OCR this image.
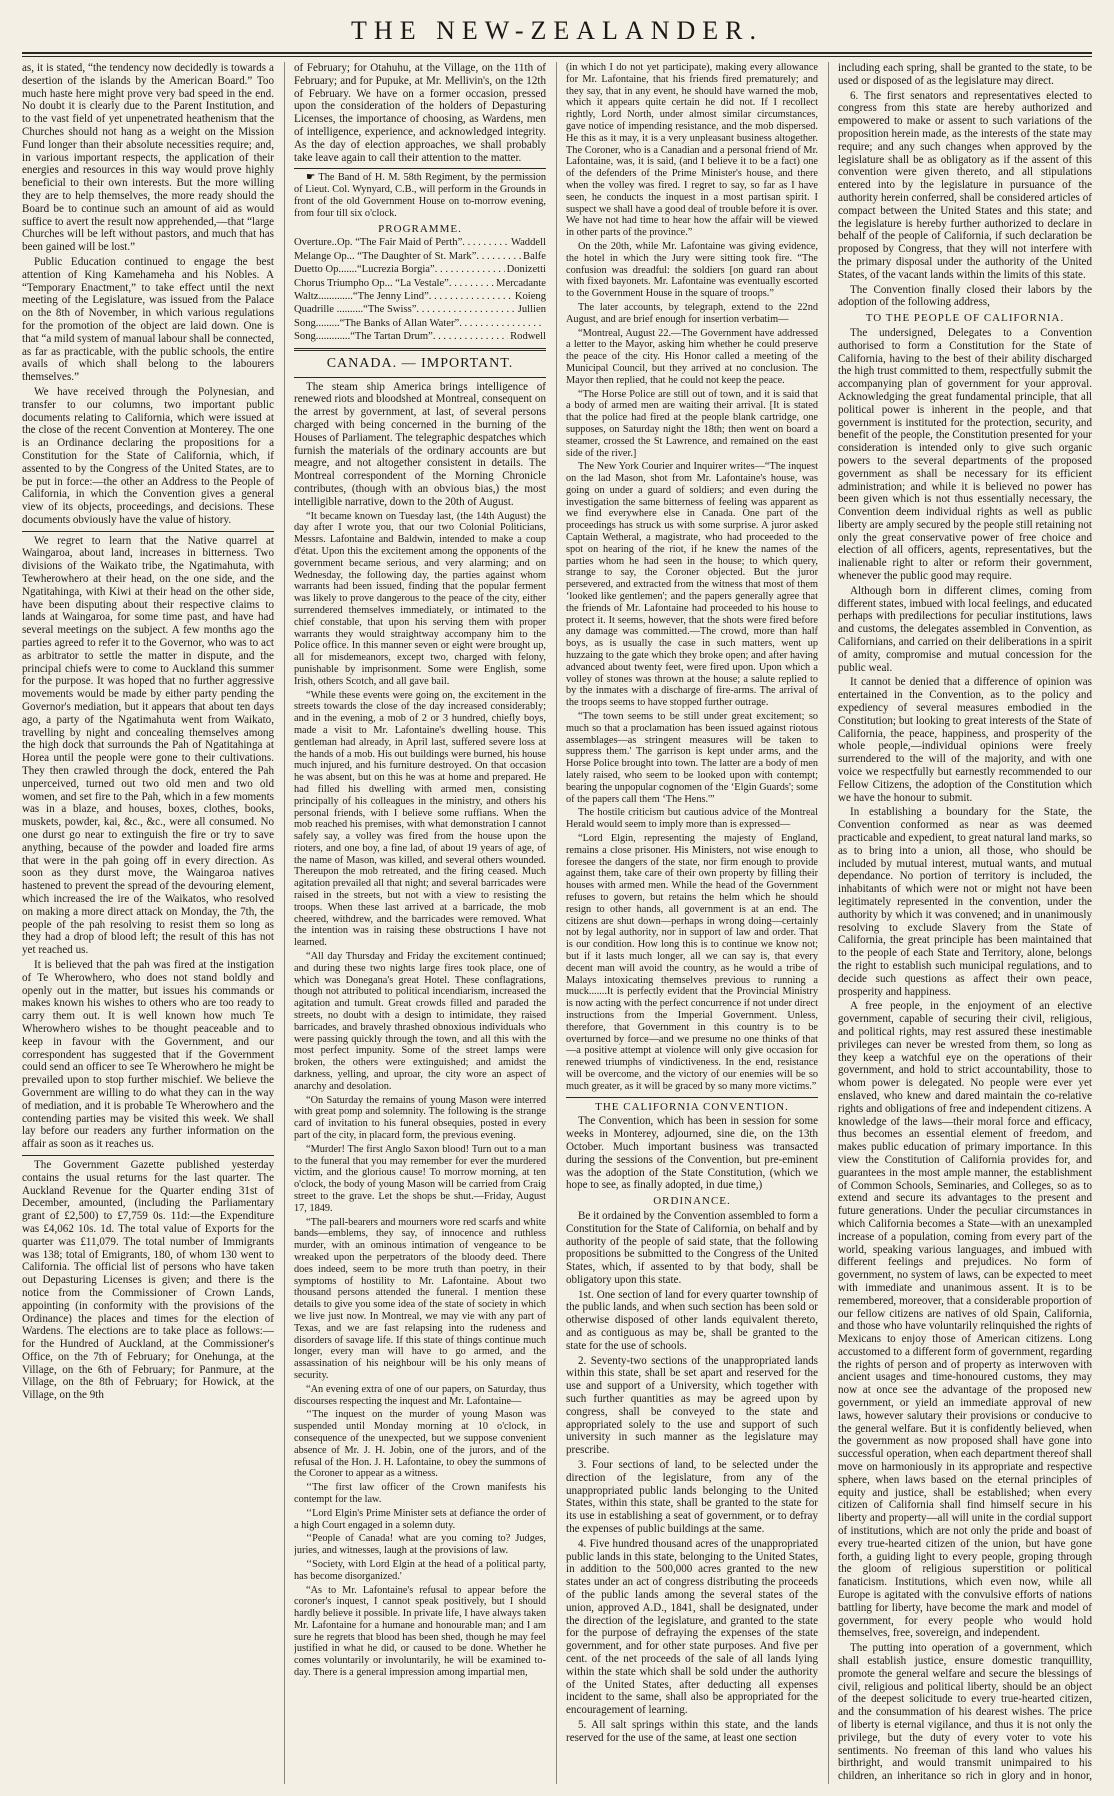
THE NEW-ZEALANDER.

as, it is stated, “the tendency now decidedly is towards a desertion of the islands by the American Board.” Too much haste here might prove very bad speed in the end. No doubt it is clearly due to the Parent Institution, and to the vast field of yet unpenetrated heathenism that the Churches should not hang as a weight on the Mission Fund longer than their absolute necessities require; and, in various important respects, the application of their energies and resources in this way would prove highly beneficial to their own interests. But the more willing they are to help themselves, the more ready should the Board be to continue such an amount of aid as would suffice to avert the result now apprehended,—that “large Churches will be left without pastors, and much that has been gained will be lost.”

Public Education continued to engage the best attention of King Kamehameha and his Nobles. A “Temporary Enactment,” to take effect until the next meeting of the Legislature, was issued from the Palace on the 8th of November, in which various regulations for the promotion of the object are laid down. One is that “a mild system of manual labour shall be connected, as far as practicable, with the public schools, the entire avails of which shall belong to the labourers themselves.”

We have received through the Polynesian, and transfer to our columns, two important public documents relating to California, which were issued at the close of the recent Convention at Monterey. The one is an Ordinance declaring the propositions for a Constitution for the State of California, which, if assented to by the Congress of the United States, are to be put in force:—the other an Address to the People of California, in which the Convention gives a general view of its objects, proceedings, and decisions. These documents obviously have the value of history.

We regret to learn that the Native quarrel at Waingaroa, about land, increases in bitterness. Two divisions of the Waikato tribe, the Ngatimahuta, with Tewherowhero at their head, on the one side, and the Ngatitahinga, with Kiwi at their head on the other side, have been disputing about their respective claims to lands at Waingaroa, for some time past, and have had several meetings on the subject. A few months ago the parties agreed to refer it to the Governor, who was to act as arbitrator to settle the matter in dispute, and the principal chiefs were to come to Auckland this summer for the purpose. It was hoped that no further aggressive movements would be made by either party pending the Governor's mediation, but it appears that about ten days ago, a party of the Ngatimahuta went from Waikato, travelling by night and concealing themselves among the high dock that surrounds the Pah of Ngatitahinga at Horea until the people were gone to their cultivations. They then crawled through the dock, entered the Pah unperceived, turned out two old men and two old women, and set fire to the Pah, which in a few moments was in a blaze, and houses, boxes, clothes, books, muskets, powder, kai, &c., &c., were all consumed. No one durst go near to extinguish the fire or try to save anything, because of the powder and loaded fire arms that were in the pah going off in every direction. As soon as they durst move, the Waingaroa natives hastened to prevent the spread of the devouring element, which increased the ire of the Waikatos, who resolved on making a more direct attack on Monday, the 7th, the people of the pah resolving to resist them so long as they had a drop of blood left; the result of this has not yet reached us.

It is believed that the pah was fired at the instigation of Te Wherowhero, who does not stand boldly and openly out in the matter, but issues his commands or makes known his wishes to others who are too ready to carry them out. It is well known how much Te Wherowhero wishes to be thought peaceable and to keep in favour with the Government, and our correspondent has suggested that if the Government could send an officer to see Te Wherowhero he might be prevailed upon to stop further mischief. We believe the Government are willing to do what they can in the way of mediation, and it is probable Te Wherowhero and the contending parties may be visited this week. We shall lay before our readers any further information on the affair as soon as it reaches us.

The Government Gazette published yesterday contains the usual returns for the last quarter. The Auckland Revenue for the Quarter ending 31st of December, amounted, (including the Parliamentary grant of £2,500) to £7,759 0s. 11d:—the Expenditure was £4,062 10s. 1d. The total value of Exports for the quarter was £11,079. The total number of Immigrants was 138; total of Emigrants, 180, of whom 130 went to California. The official list of persons who have taken out Depasturing Licenses is given; and there is the notice from the Commissioner of Crown Lands, appointing (in conformity with the provisions of the Ordinance) the places and times for the election of Wardens. The elections are to take place as follows:—for the Hundred of Auckland, at the Commissioner's Office, on the 7th of February; for Onehunga, at the Village, on the 6th of February; for Panmure, at the Village, on the 8th of February; for Howick, at the Village, on the 9th

of February; for Otahuhu, at the Village, on the 11th of February; and for Pupuke, at Mr. Mellivin's, on the 12th of February. We have on a former occasion, pressed upon the consideration of the holders of Depasturing Licenses, the importance of choosing, as Wardens, men of intelligence, experience, and acknowledged integrity. As the day of election approaches, we shall probably take leave again to call their attention to the matter.

☛ The Band of H. M. 58th Regiment, by the permission of Lieut. Col. Wynyard, C.B., will perform in the Grounds in front of the old Government House on to-morrow evening, from four till six o'clock.

PROGRAMME.
Overture..Op. “The Fair Maid of Perth” . . .	Waddell
Melange Op... “The Daughter of St. Mark” . . .	Balfe
Duetto Op.......“Lucrezia Borgia” . . .	Donizetti
Chorus Triumpho Op... “La Vestale” . . .	Mercadante
Waltz.............“The Jenny Lind” . . .	Koieng
Quadrille ..........“The Swiss” . . .	Jullien
Song.........“The Banks of Allan Water”
. . .
Song.............“The Tartan Drum” . . .	Rodwell
CANADA. — IMPORTANT.

The steam ship America brings intelligence of renewed riots and bloodshed at Montreal, consequent on the arrest by government, at last, of several persons charged with being concerned in the burning of the Houses of Parliament. The telegraphic despatches which furnish the materials of the ordinary accounts are but meagre, and not altogether consistent in details. The Montreal correspondent of the Morning Chronicle contributes, (though with an obvious bias,) the most intelligible narrative, down to the 20th of August.

“It became known on Tuesday last, (the 14th August) the day after I wrote you, that our two Colonial Politicians, Messrs. Lafontaine and Baldwin, intended to make a coup d'état. Upon this the excitement among the opponents of the government became serious, and very alarming; and on Wednesday, the following day, the parties against whom warrants had been issued, finding that the popular ferment was likely to prove dangerous to the peace of the city, either surrendered themselves immediately, or intimated to the chief constable, that upon his serving them with proper warrants they would straightway accompany him to the Police office. In this manner seven or eight were brought up, all for misdemeanors, except two, charged with felony, punishable by imprisonment. Some were English, some Irish, others Scotch, and all gave bail.

“While these events were going on, the excitement in the streets towards the close of the day increased considerably; and in the evening, a mob of 2 or 3 hundred, chiefly boys, made a visit to Mr. Lafontaine's dwelling house. This gentleman had already, in April last, suffered severe loss at the hands of a mob. His out buildings were burned, his house much injured, and his furniture destroyed. On that occasion he was absent, but on this he was at home and prepared. He had filled his dwelling with armed men, consisting principally of his colleagues in the ministry, and others his personal friends, with I believe some ruffians. When the mob reached his premises, with what demonstration I cannot safely say, a volley was fired from the house upon the rioters, and one boy, a fine lad, of about 19 years of age, of the name of Mason, was killed, and several others wounded. Thereupon the mob retreated, and the firing ceased. Much agitation prevailed all that night; and several barricades were raised in the streets, but not with a view to resisting the troops. When these last arrived at a barricade, the mob cheered, withdrew, and the barricades were removed. What the intention was in raising these obstructions I have not learned.

“All day Thursday and Friday the excitement continued; and during these two nights large fires took place, one of which was Donegana's great Hotel. These conflagrations, though not attributed to political incendiarism, increased the agitation and tumult. Great crowds filled and paraded the streets, no doubt with a design to intimidate, they raised barricades, and bravely thrashed obnoxious individuals who were passing quickly through the town, and all this with the most perfect impunity. Some of the street lamps were broken, the others were extinguished; and amidst the darkness, yelling, and uproar, the city wore an aspect of anarchy and desolation.

“On Saturday the remains of young Mason were interred with great pomp and solemnity. The following is the strange card of invitation to his funeral obsequies, posted in every part of the city, in placard form, the previous evening.

“Murder! The first Anglo Saxon blood! Turn out to a man to the funeral that you may remember for ever the murdered victim, and the glorious cause! To morrow morning, at ten o'clock, the body of young Mason will be carried from Craig street to the grave. Let the shops be shut.—Friday, August 17, 1849.

“The pall-bearers and mourners wore red scarfs and white bands—emblems, they say, of innocence and ruthless murder, with an ominous intimation of vengeance to be wreaked upon the perpetrators of the bloody deed. There does indeed, seem to be more truth than poetry, in their symptoms of hostility to Mr. Lafontaine. About two thousand persons attended the funeral. I mention these details to give you some idea of the state of society in which we live just now. In Montreal, we may vie with any part of Texas, and we are fast relapsing into the rudeness and disorders of savage life. If this state of things continue much longer, every man will have to go armed, and the assassination of his neighbour will be his only means of security.

“An evening extra of one of our papers, on Saturday, thus discourses respecting the inquest and Mr. Lafontaine—

‘‘The inquest on the murder of young Mason was suspended until Monday morning at 10 o'clock, in consequence of the unexpected, but we suppose convenient absence of Mr. J. H. Jobin, one of the jurors, and of the refusal of the Hon. J. H. Lafontaine, to obey the summons of the Coroner to appear as a witness.

‘‘The first law officer of the Crown manifests his contempt for the law.

‘‘Lord Elgin's Prime Minister sets at defiance the order of a high Court engaged in a solemn duty.

‘‘People of Canada! what are you coming to? Judges, juries, and witnesses, laugh at the provisions of law.

‘‘Society, with Lord Elgin at the head of a political party, has become disorganized.'

“As to Mr. Lafontaine's refusal to appear before the coroner's inquest, I cannot speak positively, but I should hardly believe it possible. In private life, I have always taken Mr. Lafontaine for a humane and honourable man; and I am sure he regrets that blood has been shed, though he may feel justified in what he did, or caused to be done. Whether he comes voluntarily or involuntarily, he will be examined to-day. There is a general impression among impartial men,

(in which I do not yet participate), making every allowance for Mr. Lafontaine, that his friends fired prematurely; and they say, that in any event, he should have warned the mob, which it appears quite certain he did not. If I recollect rightly, Lord North, under almost similar circumstances, gave notice of impending resistance, and the mob dispersed. He this as it may, it is a very unpleasant business altogether. The Coroner, who is a Canadian and a personal friend of Mr. Lafontaine, was, it is said, (and I believe it to be a fact) one of the defenders of the Prime Minister's house, and there when the volley was fired. I regret to say, so far as I have seen, he conducts the inquest in a most partisan spirit. I suspect we shall have a good deal of trouble before it is over. We have not had time to hear how the affair will be viewed in other parts of the province.”

On the 20th, while Mr. Lafontaine was giving evidence, the hotel in which the Jury were sitting took fire. “The confusion was dreadful: the soldiers [on guard ran about with fixed bayonets. Mr. Lafontaine was eventually escorted to the Government House in the square of troops.”

The later accounts, by telegraph, extend to the 22nd August, and are brief enough for insertion verbatim—

“Montreal, August 22.—The Government have addressed a letter to the Mayor, asking him whether he could preserve the peace of the city. His Honor called a meeting of the Municipal Council, but they arrived at no conclusion. The Mayor then replied, that he could not keep the peace.

“The Horse Police are still out of town, and it is said that a body of armed men are waiting their arrival. [It is stated that the police had fired at the people blank cartridge, one supposes, on Saturday night the 18th; then went on board a steamer, crossed the St Lawrence, and remained on the east side of the river.]

The New York Courier and Inquirer writes—“The inquest on the lad Mason, shot from Mr. Lafontaine's house, was going on under a guard of soldiers; and even during the investigation the same bitterness of feeling was apparent as we find everywhere else in Canada. One part of the proceedings has struck us with some surprise. A juror asked Captain Wetheral, a magistrate, who had proceeded to the spot on hearing of the riot, if he knew the names of the parties whom he had seen in the house; to which query, strange to say, the Coroner objected. But the juror persevered, and extracted from the witness that most of them ‘looked like gentlemen'; and the papers generally agree that the friends of Mr. Lafontaine had proceeded to his house to protect it. It seems, however, that the shots were fired before any damage was committed.—The crowd, more than half boys, as is usually the case in such matters, went up huzzaing to the gate which they broke open; and after having advanced about twenty feet, were fired upon. Upon which a volley of stones was thrown at the house; a salute replied to by the inmates with a discharge of fire-arms. The arrival of the troops seems to have stopped further outrage.

“The town seems to be still under great excitement; so much so that a proclamation has been issued against riotous assemblages—as stringent measures will be taken to suppress them.' The garrison is kept under arms, and the Horse Police brought into town. The latter are a body of men lately raised, who seem to be looked upon with contempt; bearing the unpopular cognomen of the ‘Elgin Guards'; some of the papers call them ‘The Hens.'”

The hostile criticism but cautious advice of the Montreal Herald would seem to imply more than is expressed—

“Lord Elgin, representing the majesty of England, remains a close prisoner. His Ministers, not wise enough to foresee the dangers of the state, nor firm enough to provide against them, take care of their own property by filling their houses with armed men. While the head of the Government refuses to govern, but retains the helm which he should resign to other hands, all government is at an end. The citizens are shut down—perhaps in wrong doing—certainly not by legal authority, nor in support of law and order. That is our condition. How long this is to continue we know not; but if it lasts much longer, all we can say is, that every decent man will avoid the country, as he would a tribe of Malays intoxicating themselves previous to running a muck.......It is perfectly evident that the Provincial Ministry is now acting with the perfect concurrence if not under direct instructions from the Imperial Government. Unless, therefore, that Government in this country is to be overturned by force—and we presume no one thinks of that—a positive attempt at violence will only give occasion for renewed triumphs of vindictiveness. In the end, resistance will be overcome, and the victory of our enemies will be so much greater, as it will be graced by so many more victims.”

THE CALIFORNIA CONVENTION.

The Convention, which has been in session for some weeks in Monterey, adjourned, sine die, on the 13th October. Much important business was transacted during the sessions of the Convention, but pre-eminent was the adoption of the State Constitution, (which we hope to see, as finally adopted, in due time,)

ORDINANCE.

Be it ordained by the Convention assembled to form a Constitution for the State of California, on behalf and by authority of the people of said state, that the following propositions be submitted to the Congress of the United States, which, if assented to by that body, shall be obligatory upon this state.

1st. One section of land for every quarter township of the public lands, and when such section has been sold or otherwise disposed of other lands equivalent thereto, and as contiguous as may be, shall be granted to the state for the use of schools.

2. Seventy-two sections of the unappropriated lands within this state, shall be set apart and reserved for the use and support of a University, which together with such further quantities as may be agreed upon by congress, shall be conveyed to the state and appropriated solely to the use and support of such university in such manner as the legislature may prescribe.

3. Four sections of land, to be selected under the direction of the legislature, from any of the unappropriated public lands belonging to the United States, within this state, shall be granted to the state for its use in establishing a seat of government, or to defray the expenses of public buildings at the same.

4. Five hundred thousand acres of the unappropriated public lands in this state, belonging to the United States, in addition to the 500,000 acres granted to the new states under an act of congress distributing the proceeds of the public lands among the several states of the union, approved A.D., 1841, shall be designated, under the direction of the legislature, and granted to the state for the purpose of defraying the expenses of the state government, and for other state purposes. And five per cent. of the net proceeds of the sale of all lands lying within the state which shall be sold under the authority of the United States, after deducting all expenses incident to the same, shall also be appropriated for the encouragement of learning.

5. All salt springs within this state, and the lands reserved for the use of the same, at least one section

including each spring, shall be granted to the state, to be used or disposed of as the legislature may direct.

6. The first senators and representatives elected to congress from this state are hereby authorized and empowered to make or assent to such variations of the proposition herein made, as the interests of the state may require; and any such changes when approved by the legislature shall be as obligatory as if the assent of this convention were given thereto, and all stipulations entered into by the legislature in pursuance of the authority herein conferred, shall be considered articles of compact between the United States and this state; and the legislature is hereby further authorized to declare in behalf of the people of California, if such declaration be proposed by Congress, that they will not interfere with the primary disposal under the authority of the United States, of the vacant lands within the limits of this state.

The Convention finally closed their labors by the adoption of the following address,

TO THE PEOPLE OF CALIFORNIA.

The undersigned, Delegates to a Convention authorised to form a Constitution for the State of California, having to the best of their ability discharged the high trust committed to them, respectfully submit the accompanying plan of government for your approval. Acknowledging the great fundamental principle, that all political power is inherent in the people, and that government is instituted for the protection, security, and benefit of the people, the Constitution presented for your consideration is intended only to give such organic powers to the several departments of the proposed government as shall be necessary for its efficient administration; and while it is believed no power has been given which is not thus essentially necessary, the Convention deem individual rights as well as public liberty are amply secured by the people still retaining not only the great conservative power of free choice and election of all officers, agents, representatives, but the inalienable right to alter or reform their government, whenever the public good may require.

Although born in different climes, coming from different states, imbued with local feelings, and educated perhaps with predilections for peculiar institutions, laws and customs, the delegates assembled in Convention, as Californians, and carried on their deliberations in a spirit of amity, compromise and mutual concession for the public weal.

It cannot be denied that a difference of opinion was entertained in the Convention, as to the policy and expediency of several measures embodied in the Constitution; but looking to great interests of the State of California, the peace, happiness, and prosperity of the whole people,—individual opinions were freely surrendered to the will of the majority, and with one voice we respectfully but earnestly recommended to our Fellow Citizens, the adoption of the Constitution which we have the honour to submit.

In establishing a boundary for the State, the Convention conformed as near as was deemed practicable and expedient, to great natural land marks, so as to bring into a union, all those, who should be included by mutual interest, mutual wants, and mutual dependance. No portion of territory is included, the inhabitants of which were not or might not have been legitimately represented in the convention, under the authority by which it was convened; and in unanimously resolving to exclude Slavery from the State of California, the great principle has been maintained that to the people of each State and Territory, alone, belongs the right to establish such municipal regulations, and to decide such questions as affect their own peace, prosperity and happiness.

A free people, in the enjoyment of an elective government, capable of securing their civil, religious, and political rights, may rest assured these inestimable privileges can never be wrested from them, so long as they keep a watchful eye on the operations of their government, and hold to strict accountability, those to whom power is delegated. No people were ever yet enslaved, who knew and dared maintain the co-relative rights and obligations of free and independent citizens. A knowledge of the laws—their moral force and efficacy, thus becomes an essential element of freedom, and makes public education of primary importance. In this view the Constitution of California provides for, and guarantees in the most ample manner, the establishment of Common Schools, Seminaries, and Colleges, so as to extend and secure its advantages to the present and future generations. Under the peculiar circumstances in which California becomes a State—with an unexampled increase of a population, coming from every part of the world, speaking various languages, and imbued with different feelings and prejudices. No form of government, no system of laws, can be expected to meet with immediate and unanimous assent. It is to be remembered, moreover, that a considerable proportion of our fellow citizens are natives of old Spain, California, and those who have voluntarily relinquished the rights of Mexicans to enjoy those of American citizens. Long accustomed to a different form of government, regarding the rights of person and of property as interwoven with ancient usages and time-honoured customs, they may now at once see the advantage of the proposed new government, or yield an immediate approval of new laws, however salutary their provisions or conducive to the general welfare. But it is confidently believed, when the government as now proposed shall have gone into successful operation, when each department thereof shall move on harmoniously in its appropriate and respective sphere, when laws based on the eternal principles of equity and justice, shall be established; when every citizen of California shall find himself secure in his liberty and property—all will unite in the cordial support of institutions, which are not only the pride and boast of every true-hearted citizen of the union, but have gone forth, a guiding light to every people, groping through the gloom of religious superstition or political fanaticism. Institutions, which even now, while all Europe is agitated with the convulsive efforts of nations battling for liberty, have become the mark and model of government, for every people who would hold themselves, free, sovereign, and independent.

The putting into operation of a government, which shall establish justice, ensure domestic tranquillity, promote the general welfare and secure the blessings of civil, religious and political liberty, should be an object of the deepest solicitude to every true-hearted citizen, and the consummation of his dearest wishes. The price of liberty is eternal vigilance, and thus it is not only the privilege, but the duty of every voter to vote his sentiments. No freeman of this land who values his birthright, and would transmit unimpaired to his children, an inheritance so rich in glory and in honor,
